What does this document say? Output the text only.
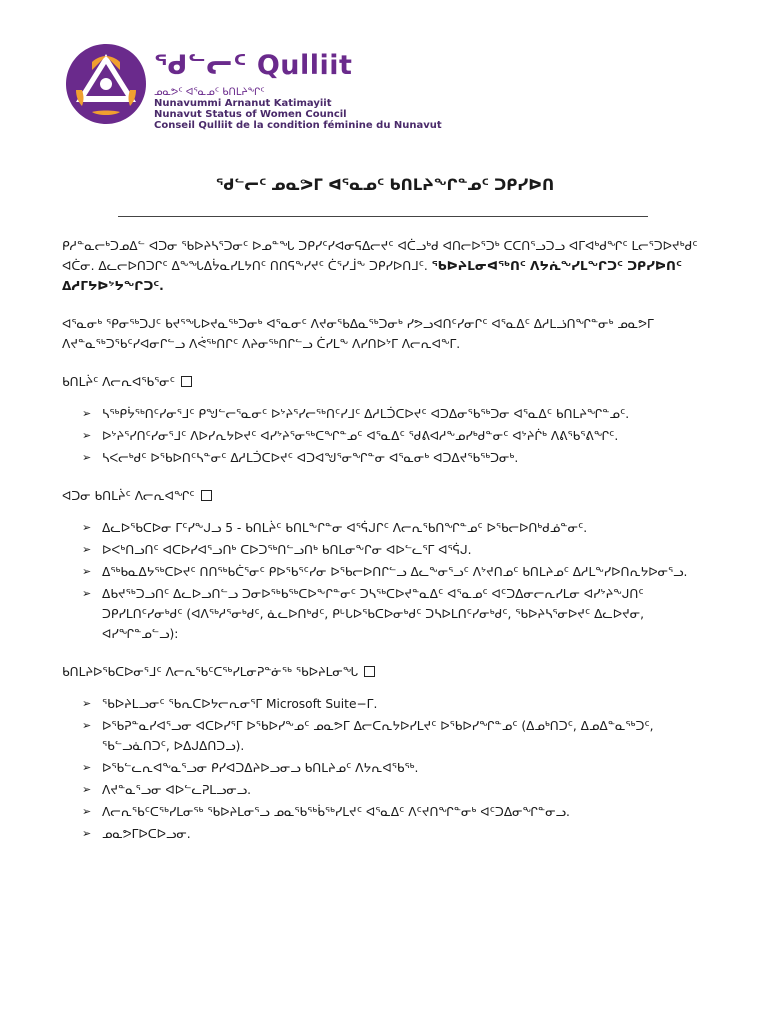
ᖁᓪᓕᑦ Qulliit
ᓄᓇᕗᑦ ᐊᕐᓇᓄᑦ ᑲᑎᒪᔨᖏᑦ
Nunavummi Arnanut Katimayiit
Nunavut Status of Women Council
Conseil Qulliit de la condition féminine du Nunavut
ᖁᓪᓕᑦ ᓄᓇᕗᒥ ᐊᕐᓇᓄᑦ ᑲᑎᒪᔨᖏᓐᓄᑦ ᑐᑭᓯᐅᑎ

ᑭᓱᓐᓇᓕᒃᑐᓄᐃᓪ ᐊᑐᓂ ᖃᐅᔨᓴᕐᑐᓂᑦ ᐅᓄᓐᖓ ᑐᑭᓯᑦᓯᐊᓂᕋᐃᓕᔪᑦ ᐊᑖᓗᒃᑯ ᐊᑎᓕᐅᕐᑐᒃ ᑕᑕᑎᕐᓗᑐᓗ ᐊᒥᐊᒃᑯᖏᑦ ᒪᓕᕐᑐᐅᔪᒃᑯᑦ ᐊᑖᓂ. ᐃᓚᓕᐅᑎᑐᒋᑦ ᐃᖕᖓᐃᔮᓇᓯᒪᔭᑎᑦ ᑎᑎᕋᖕᓯᔪᑦ ᑖᕐᓯᒨᖕ ᑐᑭᓯᐅᑎᒧᑦ. ᖃᐅᔨᒪᓂᐊᖅᑎᑦ ᐱᔭᕇᖕᓯᒪᖕᒋᑐᑦ ᑐᑭᓯᐅᑎᑦ ᐃᓱᒥᔭᐅᔾᔭᖕᒋᑐᑦ.

ᐊᕐᓇᓂᒃ ᕿᓂᖅᑐᒍᑦ ᑲᔪᕐᖓᐅᔪᓇᖅᑐᓂᒃ ᐊᕐᓇᓂᑦ ᐱᔪᓂᖃᐃᓇᖅᑐᓂᒃ ᓯᕗᓗᐊᑎᑦᓯᓂᒋᑦ ᐊᕐᓇᐃᑦ ᐃᓱᒪᓘᑎᖏᓐᓂᒃ ᓄᓇᕗᒥ ᐱᔪᓐᓇᖅᑐᖃᑦᓯᐊᓂᒋᓪᓗ ᐱᕚᖅᑎᒋᑦ ᐱᔨᓂᖅᑎᒋᓪᓗ ᑖᓯᒪᖕ ᐱᓯᑎᐅᔾᒥ ᐱᓕᕆᐊᖕᒥ.

ᑲᑎᒪᔩᑦ ᐱᓕᕆᐊᖃᕐᓂᑦ
➢ ᓴᖅᑭᔮᖅᑎᑦᓯᓂᕐᒧᑦ ᑭᖑᓪᓕᕐᓇᓂᑦ ᐅᔾᔨᕐᓯᓕᖅᑎᑦᓯᒧᑦ ᐃᓱᒪᑑᑕᐅᔪᑦ ᐊᑐᐃᓂᖃᖅᑐᓂ ᐊᕐᓇᐃᑦ ᑲᑎᒪᔨᖏᓐᓄᑦ.
➢ ᐅᔾᔨᕐᓯᑎᑦᓯᓂᕐᒧᑦ ᐱᐅᓯᕆᔭᐅᔪᑦ ᐊᓯᔾᔨᕐᓂᖅᑕᖏᓐᓄᑦ ᐊᕐᓇᐃᑦ ᖁᕕᐊᓱᖕᓄᓯᒃᑯᓐᓂᑦ ᐊᔾᔨᒌᒃ ᐱᕕᖃᕐᕕᖏᑦ.
➢ ᓴᐸᓕᒃᑯᑦ ᐅᖃᐅᑎᑦᓴᓐᓂᑦ ᐃᓱᒪᑑᑕᐅᔪᑦ ᐊᑐᐊᖑᕐᓂᖏᓐᓂ ᐊᕐᓇᓂᒃ ᐊᑐᐃᔪᖃᖅᑐᓂᒃ.
ᐊᑐᓂ ᑲᑎᒪᔩᑦ ᐱᓕᕆᐊᖏᑦ
➢ ᐃᓚᐅᖃᑕᐅᓂ ᒥᑦᓯᖕᒍᓗ 5 - ᑲᑎᒪᔩᑦ ᑲᑎᒪᖕᒋᓐᓂ ᐊᕐᕌᒍᒋᑦ ᐱᓕᕆᖃᑎᖏᓐᓄᑦ ᐅᖃᓕᐅᑎᒃᑯᓅᓐᓂᑦ.
➢ ᐅᐸᒃᑎᓗᑎᑦ ᐊᑕᐅᓯᐊᕐᓗᑎᒃ ᑕᐅᑐᖅᑎᓪᓗᑎᒃ ᑲᑎᒪᓂᖕᒋᓂ ᐊᐅᓪᓚᕐᒥ ᐊᕐᕌᒍ.
➢ ᐃᖅᑲᓇᐃᔭᖅᑕᐅᔪᑦ ᑎᑎᖅᑲᑖᕐᓂᑦ ᑭᐅᖃᕐᑦᓯᓂ ᐅᖃᓕᐅᑎᒋᓪᓗ ᐃᓚᖕᓂᕐᓗᑦ ᐱᔾᔪᑎᓄᑦ ᑲᑎᒪᔨᓄᑦ ᐃᓱᒪᖕᓯᐅᑎᕆᔭᐅᓂᕐᓗ.
➢ ᐃᑲᔪᖅᑐᓗᑎᑦ ᐃᓚᐅᓗᑎᓪᓗ ᑐᓂᐅᖅᑲᖅᑕᐅᖕᒋᓐᓂᑦ ᑐᓴᖅᑕᐅᔪᓐᓇᐃᑦ ᐊᕐᓇᓄᑦ ᐊᑦᑐᐃᓂᓕᕆᓯᒪᓂ ᐊᓯᔾᔨᖕᒍᑎᑦ ᑐᑭᓯᒪᑎᑦᓯᓂᒃᑯᑦ (ᐊᐱᖅᓱᕐᓂᒃᑯᑦ, ᓈᓚᐅᑎᒃᑯᑦ, ᑭᒡᒐᐅᖃᑕᐅᓂᒃᑯᑦ ᑐᓴᐅᒪᑎᑦᓯᓂᒃᑯᑦ, ᖃᐅᔨᓴᕐᓂᐅᔪᑦ ᐃᓚᐅᔪᓂ, ᐊᓯᖏᓐᓄᓪᓗ):
ᑲᑎᒪᔨᐅᖃᑕᐅᓂᕐᒧᑦ ᐱᓕᕆᖃᑦᑕᖅᓯᒪᓂᕈᓐᓃᖅ ᖃᐅᔨᒪᓂᖓ
➢ ᖃᐅᔨᒪᓗᓂᑦ ᖃᕆᑕᐅᔭᓕᕆᓂᕐᒥ Microsoft Suite−ᒥ.
➢ ᐅᖃᕈᓐᓇᓯᐊᕐᓗᓂ ᐊᑕᐅᓯᕐᒥ ᐅᖃᐅᓯᖕᓄᑦ ᓄᓇᕗᒥ ᐃᓕᑕᕆᔭᐅᓯᒪᔪᑦ ᐅᖃᐅᓯᖏᓐᓄᑦ (ᐃᓄᒃᑎᑐᑦ, ᐃᓄᐃᓐᓇᖅᑐᑦ, ᖃᓪᓗᓈᑎᑐᑦ, ᐅᐃᒍᐃᑎᑐᓗ).
➢ ᐅᖃᓪᓚᕆᐊᖕᓇᕐᓗᓂ ᑭᓯᐊᑐᐃᔨᐅᓗᓂᓗ ᑲᑎᒪᔨᓄᑦ ᐱᔭᕆᐊᖃᕐᒃ.
➢ ᐱᔪᓐᓇᕐᓗᓂ ᐊᐅᓪᓚᕈᒪᓗᓂᓗ.
➢ ᐱᓕᕆᖃᑦᑕᖅᓯᒪᓂᖅ ᖃᐅᔨᒪᓂᕐᓗ ᓄᓇᖃᖅᑳᖅᓯᒪᔪᑦ ᐊᕐᓇᐃᑦ ᐱᑦᔪᑎᖏᓐᓂᒃ ᐊᑦᑐᐃᓂᖏᓐᓂᓗ.
➢ ᓄᓇᕗᒥᐅᑕᐅᓗᓂ.
